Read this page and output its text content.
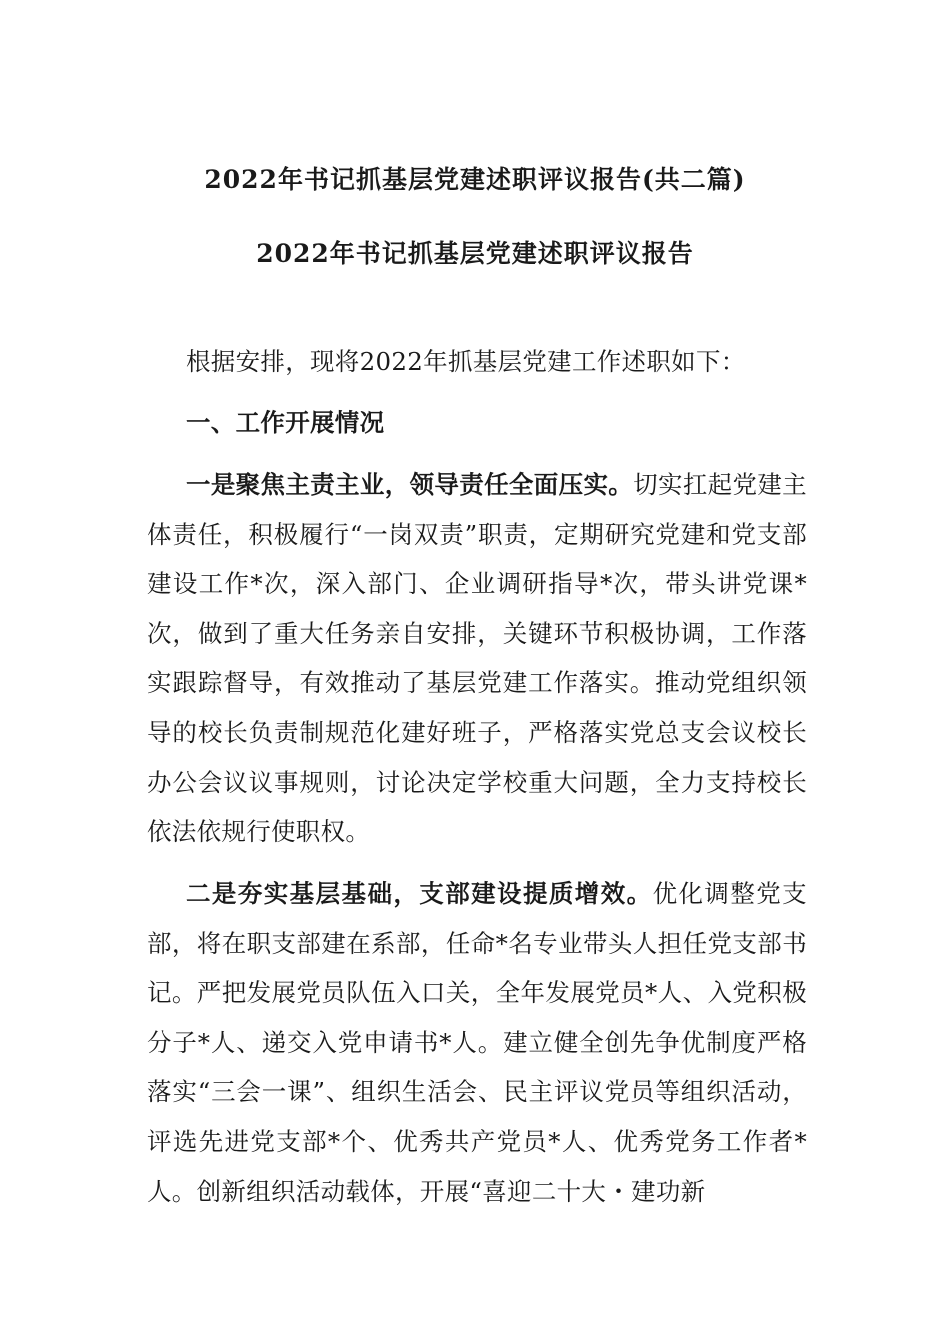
2022年书记抓基层党建述职评议报告(共二篇)
2022年书记抓基层党建述职评议报告

根据安排，现将2022年抓基层党建工作述职如下：

一、工作开展情况

一是聚焦主责主业，领导责任全面压实。切实扛起党建主体责任，积极履行“一岗双责”职责，定期研究党建和党支部建设工作*次，深入部门、企业调研指导*次，带头讲党课*次，做到了重大任务亲自安排，关键环节积极协调，工作落实跟踪督导，有效推动了基层党建工作落实。推动党组织领导的校长负责制规范化建好班子，严格落实党总支会议校长办公会议议事规则，讨论决定学校重大问题，全力支持校长依法依规行使职权。

二是夯实基层基础，支部建设提质增效。优化调整党支部，将在职支部建在系部，任命*名专业带头人担任党支部书记。严把发展党员队伍入口关，全年发展党员*人、入党积极分子*人、递交入党申请书*人。建立健全创先争优制度严格落实“三会一课”、组织生活会、民主评议党员等组织活动，评选先进党支部*个、优秀共产党员*人、优秀党务工作者*人。创新组织活动载体，开展“喜迎二十大・建功新
